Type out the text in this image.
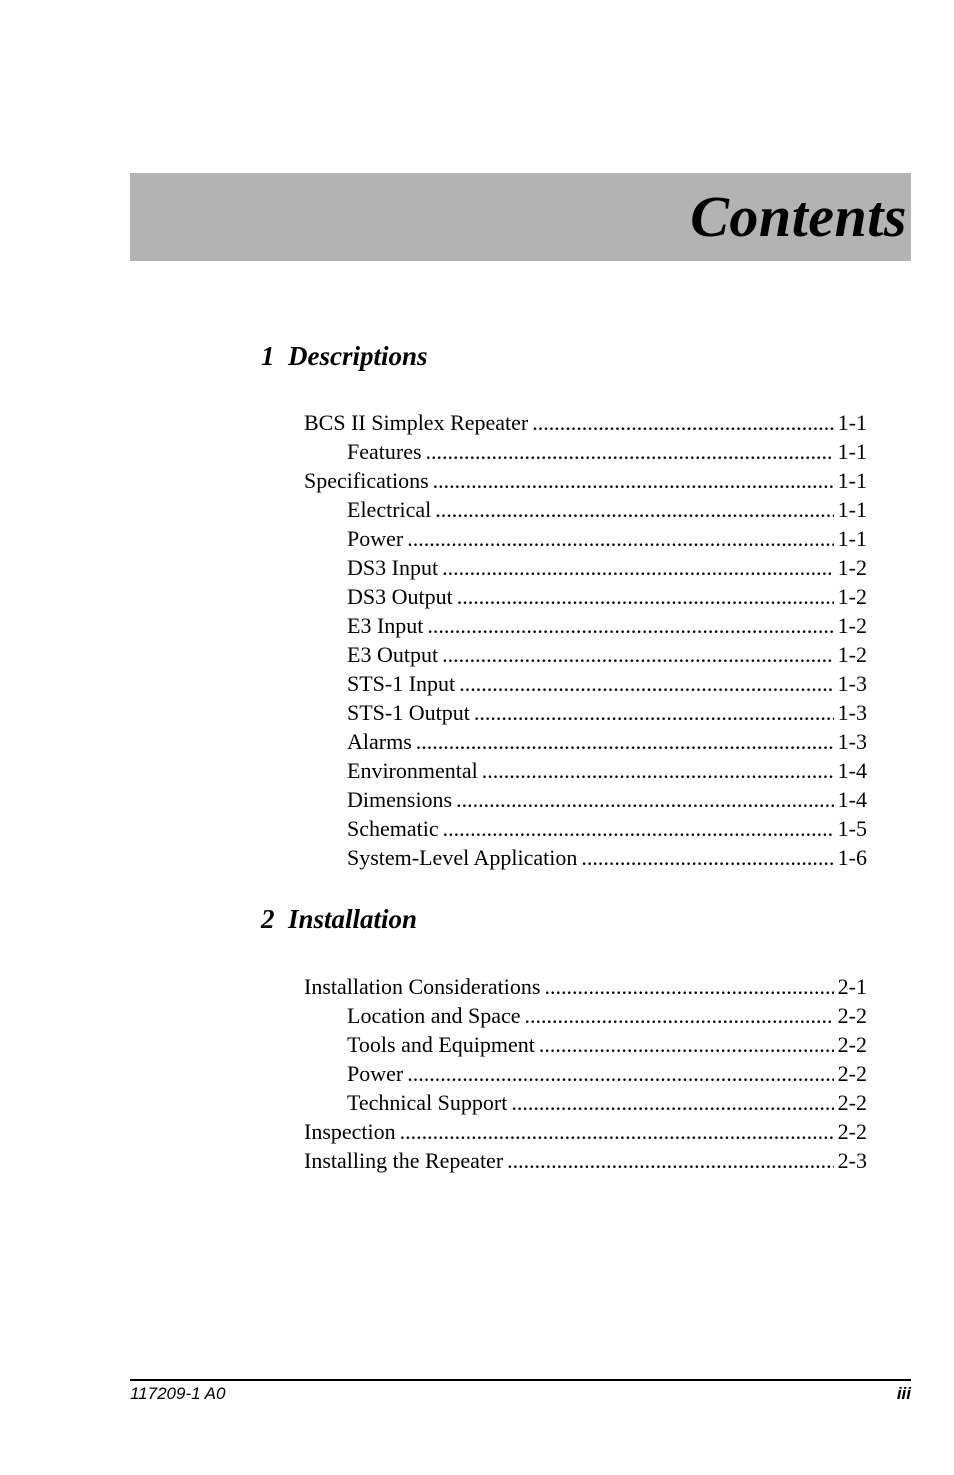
Contents
1  Descriptions
BCS II Simplex Repeater .....	1-1
Features .....	1-1
Specifications .....	1-1
Electrical .....	1-1
Power .....	1-1
DS3 Input .....	1-2
DS3 Output .....	1-2
E3 Input .....	1-2
E3 Output .....	1-2
STS-1 Input .....	1-3
STS-1 Output .....	1-3
Alarms .....	1-3
Environmental .....	1-4
Dimensions .....	1-4
Schematic .....	1-5
System-Level Application .....	1-6
2  Installation
Installation Considerations .....	2-1
Location and Space .....	2-2
Tools and Equipment .....	2-2
Power .....	2-2
Technical Support .....	2-2
Inspection .....	2-2
Installing the Repeater .....	2-3
117209-1 A0	iii
